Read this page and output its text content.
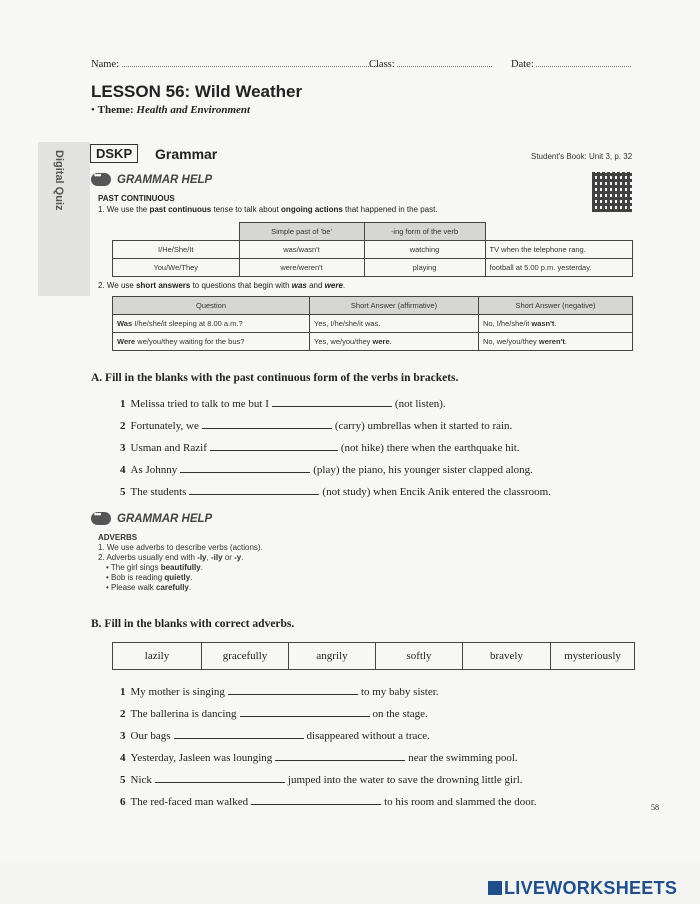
Name:	Class:	Date:
LESSON 56: Wild Weather
• Theme: Health and Environment
Digital Quiz	DSKP	Grammar	Student's Book: Unit 3, p. 32
•••
GRAMMAR HELP
PAST CONTINUOUS
1. We use the past continuous tense to talk about ongoing actions that happened in the past.
	Simple past of 'be'	-ing form of the verb	
I/He/She/It	was/wasn't	watching	TV when the telephone rang.
You/We/They	were/weren't	playing	football at 5.00 p.m. yesterday.
2. We use short answers to questions that begin with was and were.
Question	Short Answer (affirmative)	Short Answer (negative)
Was I/he/she/it sleeping at 8.00 a.m.?	Yes, I/he/she/it was.	No, I/he/she/it wasn't.
Were we/you/they waiting for the bus?	Yes, we/you/they were.	No, we/you/they weren't.
A. Fill in the blanks with the past continuous form of the verbs in brackets.
1 Melissa tried to talk to me but I	(not listen).
2 Fortunately, we	(carry) umbrellas when it started to rain.
3 Usman and Razif	(not hike) there when the earthquake hit.
4 As Johnny	(play) the piano, his younger sister clapped along.
5 The students	(not study) when Encik Anik entered the classroom.
•••
GRAMMAR HELP
ADVERBS
1. We use adverbs to describe verbs (actions).
2. Adverbs usually end with -ly, -ily or -y.
• The girl sings beautifully.
• Bob is reading quietly.
• Please walk carefully.
B. Fill in the blanks with correct adverbs.
lazily	gracefully	angrily	softly	bravely	mysteriously
1 My mother is singing	to my baby sister.
2 The ballerina is dancing	on the stage.
3 Our bags	disappeared without a trace.
4 Yesterday, Jasleen was lounging	near the swimming pool.
5 Nick	jumped into the water to save the drowning little girl.
6 The red-faced man walked	to his room and slammed the door.	58
LIVEWORKSHEETS
